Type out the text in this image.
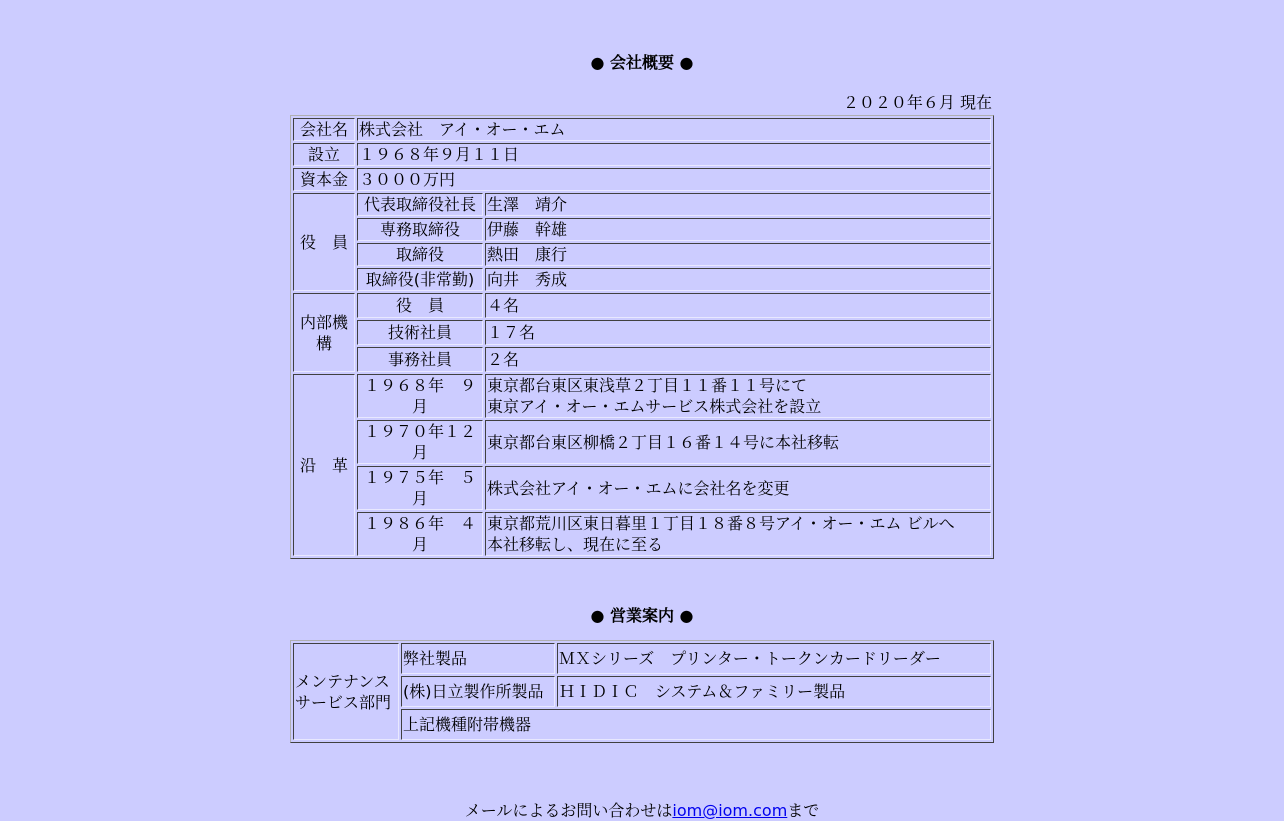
● 会社概要 ●
２０２０年６月 現在
会社名	株式会社　アイ・オー・エム	
設立	１９６８年９月１１日	
資本金	３０００万円	
役　員	代表取締役社長	生澤　靖介
	専務取締役	伊藤　幹雄
	取締役	熱田　康行
	取締役(非常勤)	向井　秀成
内部機構	役　員	４名
	技術社員	１７名
	事務社員	２名
沿　革	１９６８年　９月	東京都台東区東浅草２丁目１１番１１号にて
東京アイ・オー・エムサービス株式会社を設立

	１９７０年１２月	東京都台東区柳橋２丁目１６番１４号に本社移転

	１９７５年　５月	株式会社アイ・オー・エムに会社名を変更

	１９８６年　４月	東京都荒川区東日暮里１丁目１８番８号アイ・オー・エム ビルへ
本社移転し、現在に至る
● 営業案内 ●
メンテナンスサービス部門	弊社製品	ＭＸシリーズ　プリンター・トークンカードリーダー
	(株)日立製作所製品	ＨＩＤＩＣ　システム＆ファミリー製品
	上記機種附帯機器	
メールによるお問い合わせはiom@iom.comまで
